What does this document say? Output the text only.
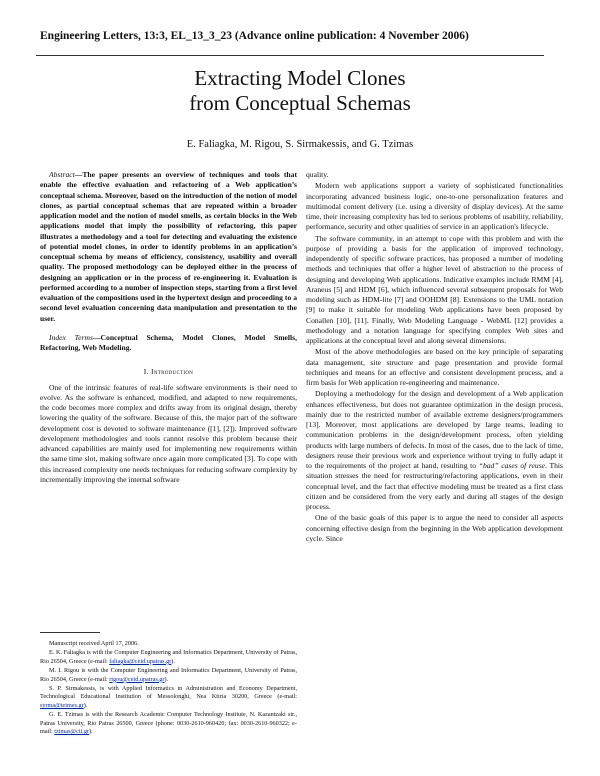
Engineering Letters, 13:3, EL_13_3_23 (Advance online publication: 4 November 2006)
Extracting Model Clones
from Conceptual Schemas
E. Faliagka, M. Rigou, S. Sirmakessis, and G. Tzimas

Abstract—The paper presents an overview of techniques and tools that enable the effective evaluation and refactoring of a Web application’s conceptual schema. Moreover, based on the introduction of the notion of model clones, as partial conceptual schemas that are repeated within a broader application model and the notion of model smells, as certain blocks in the Web applications model that imply the possibility of refactoring, this paper illustrates a methodology and a tool for detecting and evaluating the existence of potential model clones, in order to identify problems in an application’s conceptual schema by means of efficiency, consistency, usability and overall quality. The proposed methodology can be deployed either in the process of designing an application or in the process of re-engineering it. Evaluation is performed according to a number of inspection steps, starting from a first level evaluation of the compositions used in the hypertext design and proceeding to a second level evaluation concerning data manipulation and presentation to the user.

Index Terms—Conceptual Schema, Model Clones, Model Smells, Refactoring, Web Modeling.

I. Introduction

One of the intrinsic features of real-life software environments is their need to evolve. As the software is enhanced, modified, and adapted to new requirements, the code becomes more complex and drifts away from its original design, thereby lowering the quality of the software. Because of this, the major part of the software development cost is devoted to software maintenance ([1], [2]). Improved software development methodologies and tools cannot resolve this problem because their advanced capabilities are mainly used for implementing new requirements within the same time slot, making software once again more complicated [3]. To cope with this increased complexity one needs techniques for reducing software complexity by incrementally improving the internal software

Manuscript received April 17, 2006.

E. K. Faliagka is with the Computer Engineering and Informatics Department, University of Patras, Rio 26504, Greece (e-mail: faliagka@ceid.upatras.gr).

M. I. Rigou is with the Computer Engineering and Informatics Department, University of Patras, Rio 26504, Greece (e-mail: rigou@ceid.upatras.gr).

S. P. Sirmakessis, is with Applied Informatics in Administration and Economy Department, Technological Educational Institution of Messolonghi, Nea Ktiria 30200, Greece (e-mail: syrma@teimes.gr).

G. E. Tzimas is with the Research Academic Computer Technology Institute, N. Kazantzaki str., Patras University, Rio Patras 26500, Greece (phone: 0030-2610-960420; fax: 0030-2610-960322; e-mail: tzimas@cti.gr).

quality.

Modern web applications support a variety of sophisticated functionalities incorporating advanced business logic, one-to-one personalization features and multimodal content delivery (i.e. using a diversity of display devices). At the same time, their increasing complexity has led to serious problems of usability, reliability, performance, security and other qualities of service in an application's lifecycle.

The software community, in an attempt to cope with this problem and with the purpose of providing a basis for the application of improved technology, independently of specific software practices, has proposed a number of modeling methods and techniques that offer a higher level of abstraction to the process of designing and developing Web applications. Indicative examples include RMM [4], Araneus [5] and HDM [6], which influenced several subsequent proposals for Web modeling such as HDM-lite [7] and OOHDM [8]. Extensions to the UML notation [9] to make it suitable for modeling Web applications have been proposed by Conallen [10], [11]. Finally, Web Modeling Language - WebML [12] provides a methodology and a notation language for specifying complex Web sites and applications at the conceptual level and along several dimensions.

Most of the above methodologies are based on the key principle of separating data management, site structure and page presentation and provide formal techniques and means for an effective and consistent development process, and a firm basis for Web application re-engineering and maintenance.

Deploying a methodology for the design and development of a Web application enhances effectiveness, but does not guarantee optimization in the design process, mainly due to the restricted number of available extreme designers/programmers [13]. Moreover, most applications are developed by large teams, leading to communication problems in the design/development process, often yielding products with large numbers of defects. In most of the cases, due to the lack of time, designers reuse their previous work and experience without trying to fully adapt it to the requirements of the project at hand, resulting to “bad” cases of reuse. This situation stresses the need for restructuring/refactoring applications, even in their conceptual level, and the fact that effective modeling must be treated as a first class citizen and be considered from the very early and during all stages of the design process.

One of the basic goals of this paper is to argue the need to consider all aspects concerning effective design from the beginning in the Web application development cycle. Since
